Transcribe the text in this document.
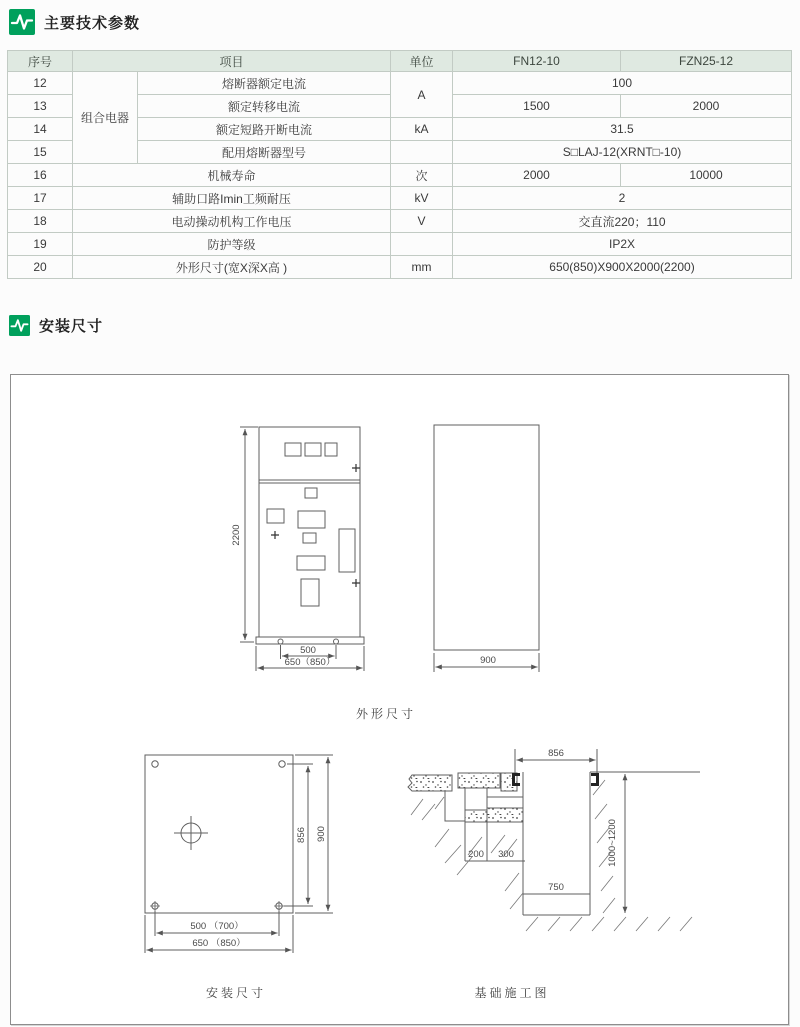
主要技术参数
序号	项目		单位	FN12-10	FZN25-12
12	组合电器	熔断器额定电流	A	100	
13		额定转移电流		1500	2000
14		额定短路开断电流	kA	31.5	
15		配用熔断器型号		S□LAJ-12(XRNT□-10)	
16	机械寿命		次	2000	10000
17	辅助口路Imin工频耐压		kV	2	
18	电动操动机构工作电压		V	交直流220；110	
19	防护等级			IP2X	
20	外形尺寸(宽X深X高 )		mm	650(850)X900X2000(2200)	
安装尺寸
2200
500
650（850）	900
外形尺寸
856 900
500 （700）
650 （850）
安装尺寸
856
200 300
750
1000~1200
基础施工图
